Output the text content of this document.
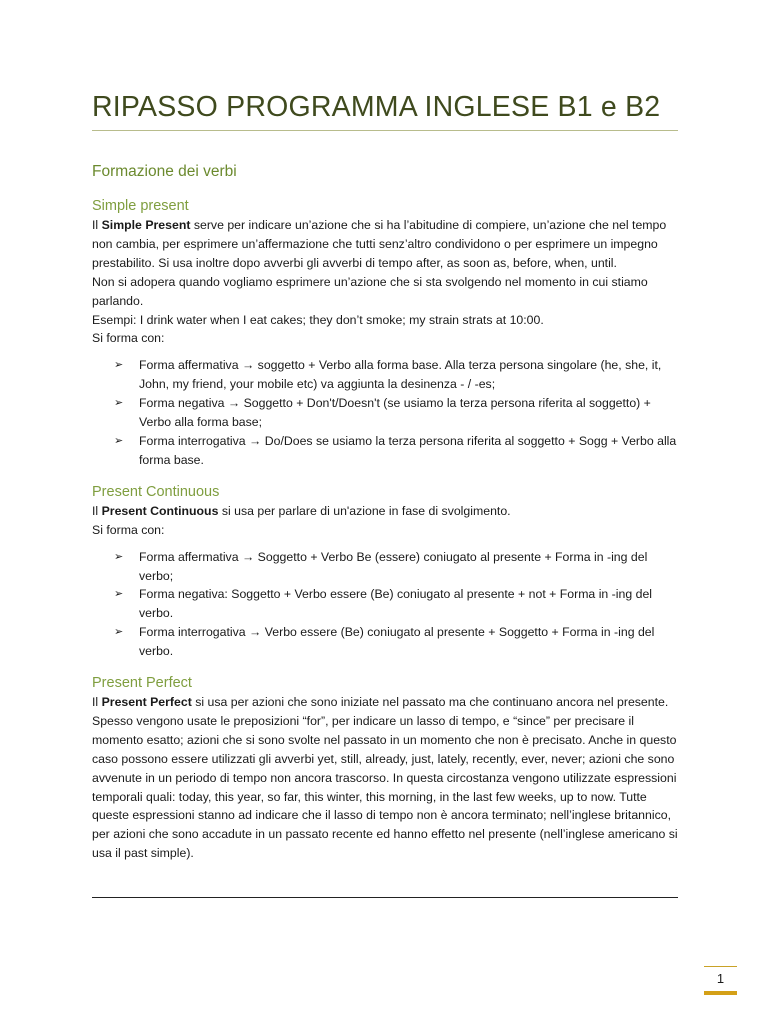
RIPASSO PROGRAMMA INGLESE B1 e B2
Formazione dei verbi
Simple present

Il Simple Present serve per indicare un’azione che si ha l’abitudine di compiere, un’azione che nel tempo non cambia, per esprimere un’affermazione che tutti senz’altro condividono o per esprimere un impegno prestabilito. Si usa inoltre dopo avverbi gli avverbi di tempo after, as soon as, before, when, until.

Non si adopera quando vogliamo esprimere un’azione che si sta svolgendo nel momento in cui stiamo parlando.

Esempi: I drink water when I eat cakes; they don’t smoke; my strain strats at 10:00.

Si forma con:

➢ Forma affermativa → soggetto + Verbo alla forma base. Alla terza persona singolare (he, she, it, John, my friend, your mobile etc) va aggiunta la desinenza - / -es;
➢ Forma negativa → Soggetto + Don't/Doesn't (se usiamo la terza persona riferita al soggetto) + Verbo alla forma base;
➢ Forma interrogativa → Do/Does se usiamo la terza persona riferita al soggetto + Sogg + Verbo alla forma base.
Present Continuous

Il Present Continuous si usa per parlare di un'azione in fase di svolgimento.

Si forma con:

➢ Forma affermativa → Soggetto + Verbo Be (essere) coniugato al presente + Forma in -ing del verbo;
➢ Forma negativa: Soggetto + Verbo essere (Be) coniugato al presente + not + Forma in -ing del verbo.
➢ Forma interrogativa → Verbo essere (Be) coniugato al presente + Soggetto + Forma in -ing del verbo.
Present Perfect

Il Present Perfect si usa per azioni che sono iniziate nel passato ma che continuano ancora nel presente. Spesso vengono usate le preposizioni “for”, per indicare un lasso di tempo, e “since” per precisare il momento esatto; azioni che si sono svolte nel passato in un momento che non è precisato. Anche in questo caso possono essere utilizzati gli avverbi yet, still, already, just, lately, recently, ever, never; azioni che sono avvenute in un periodo di tempo non ancora trascorso. In questa circostanza vengono utilizzate espressioni temporali quali: today, this year, so far, this winter, this morning, in the last few weeks, up to now. Tutte queste espressioni stanno ad indicare che il lasso di tempo non è ancora terminato; nell’inglese britannico, per azioni che sono accadute in un passato recente ed hanno effetto nel presente (nell’inglese americano si usa il past simple).

1
